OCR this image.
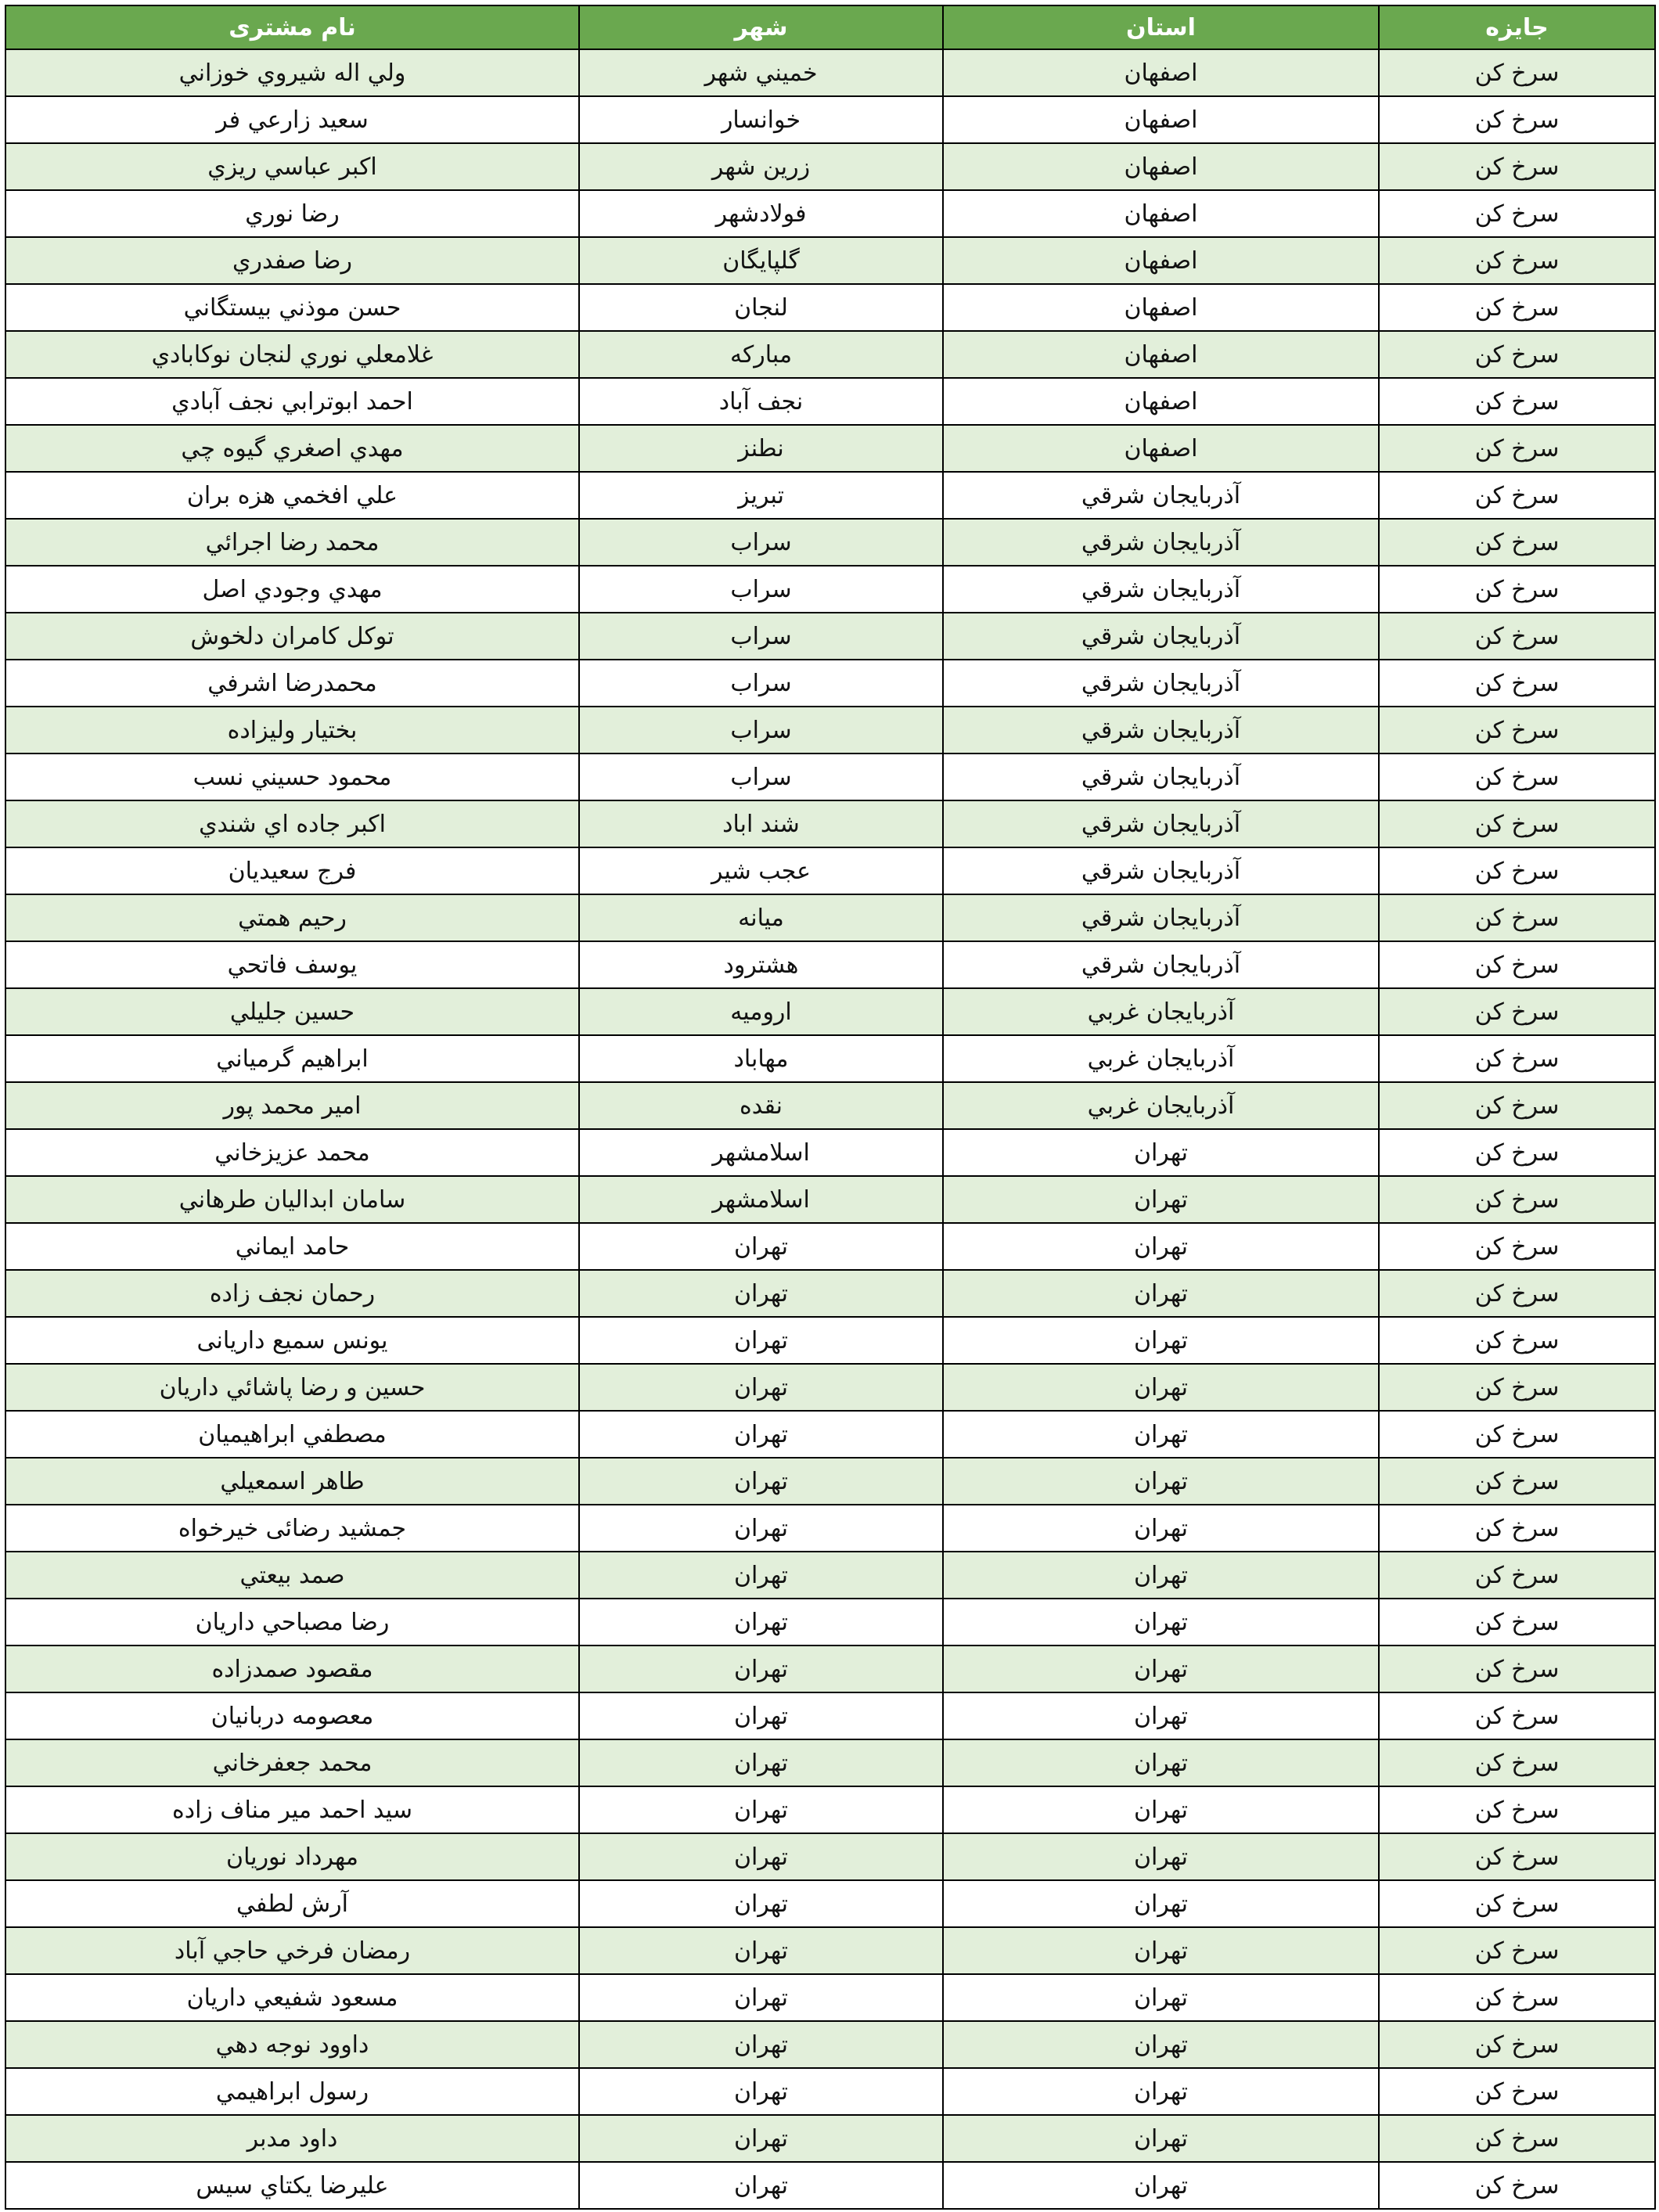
جایزه	استان	شهر	نام مشتری
سرخ کن	اصفهان	خميني شهر	ولي اله شيروي خوزاني
سرخ کن	اصفهان	خوانسار	سعيد زارعي فر
سرخ کن	اصفهان	زرين شهر	اكبر عباسي ريزي
سرخ کن	اصفهان	فولادشهر	رضا نوري
سرخ کن	اصفهان	گلپايگان	رضا صفدري
سرخ کن	اصفهان	لنجان	حسن موذني بيستگاني
سرخ کن	اصفهان	مباركه	غلامعلي نوري لنجان نوكابادي
سرخ کن	اصفهان	نجف آباد	احمد ابوترابي نجف آبادي
سرخ کن	اصفهان	نطنز	مهدي اصغري گيوه چي
سرخ کن	آذربايجان شرقي	تبريز	علي افخمي هزه بران
سرخ کن	آذربايجان شرقي	سراب	محمد رضا اجرائي
سرخ کن	آذربايجان شرقي	سراب	مهدي وجودي اصل
سرخ کن	آذربايجان شرقي	سراب	توكل كامران دلخوش
سرخ کن	آذربايجان شرقي	سراب	محمدرضا اشرفي
سرخ کن	آذربايجان شرقي	سراب	بختيار وليزاده
سرخ کن	آذربايجان شرقي	سراب	محمود حسيني نسب
سرخ کن	آذربايجان شرقي	شند اباد	اكبر جاده اي شندي
سرخ کن	آذربايجان شرقي	عجب شير	فرج سعيديان
سرخ کن	آذربايجان شرقي	ميانه	رحيم همتي
سرخ کن	آذربايجان شرقي	هشترود	يوسف فاتحي
سرخ کن	آذربايجان غربي	اروميه	حسين جليلي
سرخ کن	آذربايجان غربي	مهاباد	ابراهيم گرمياني
سرخ کن	آذربايجان غربي	نقده	امير محمد پور
سرخ کن	تهران	اسلامشهر	محمد عزيزخاني
سرخ کن	تهران	اسلامشهر	سامان ابداليان طرهاني
سرخ کن	تهران	تهران	حامد ايماني
سرخ کن	تهران	تهران	رحمان نجف زاده
سرخ کن	تهران	تهران	یونس سمیع داریانی
سرخ کن	تهران	تهران	حسين و رضا پاشائي داريان
سرخ کن	تهران	تهران	مصطفي ابراهيميان
سرخ کن	تهران	تهران	طاهر اسمعيلي
سرخ کن	تهران	تهران	جمشيد رضائی خيرخواه
سرخ کن	تهران	تهران	صمد بيعتي
سرخ کن	تهران	تهران	رضا مصباحي داريان
سرخ کن	تهران	تهران	مقصود صمدزاده
سرخ کن	تهران	تهران	معصومه دربانيان
سرخ کن	تهران	تهران	محمد جعفرخاني
سرخ کن	تهران	تهران	سيد احمد مير مناف زاده
سرخ کن	تهران	تهران	مهرداد نوريان
سرخ کن	تهران	تهران	آرش لطفي
سرخ کن	تهران	تهران	رمضان فرخي حاجي آباد
سرخ کن	تهران	تهران	مسعود شفيعي داريان
سرخ کن	تهران	تهران	داوود نوجه دهي
سرخ کن	تهران	تهران	رسول ابراهيمي
سرخ کن	تهران	تهران	داود مدبر
سرخ کن	تهران	تهران	عليرضا يكتاي سيس
